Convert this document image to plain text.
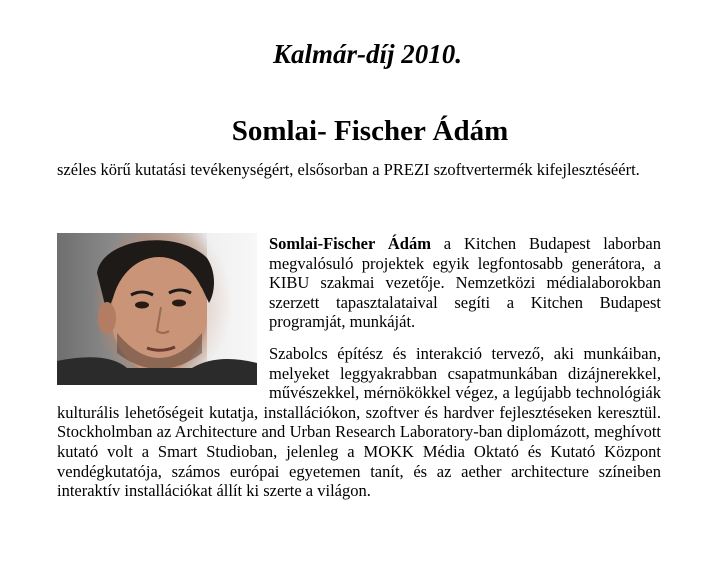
Kalmár-díj 2010.
Somlai- Fischer Ádám

széles körű kutatási tevékenységért, elsősorban a PREZI szoftvertermék kifejlesztéséért.

Somlai-Fischer Ádám a Kitchen Budapest laborban megvalósuló projektek egyik legfontosabb generátora, a KIBU szakmai vezetője. Nemzetközi médialaborokban szerzett tapasztalataival segíti a Kitchen Budapest programját, munkáját.

Szabolcs építész és interakció tervező, aki munkáiban, melyeket leggyakrabban csapatmunkában dizájnerekkel, művészekkel, mérnökökkel végez, a legújabb technológiák kulturális lehetőségeit kutatja, installációkon, szoftver és hardver fejlesztéseken keresztül. Stockholmban az Architecture and Urban Research Laboratory-ban diplomázott, meghívott kutató volt a Smart Studioban, jelenleg a MOKK Média Oktató és Kutató Központ vendégkutatója, számos európai egyetemen tanít, és az aether architecture színeiben interaktív installációkat állít ki szerte a világon.
